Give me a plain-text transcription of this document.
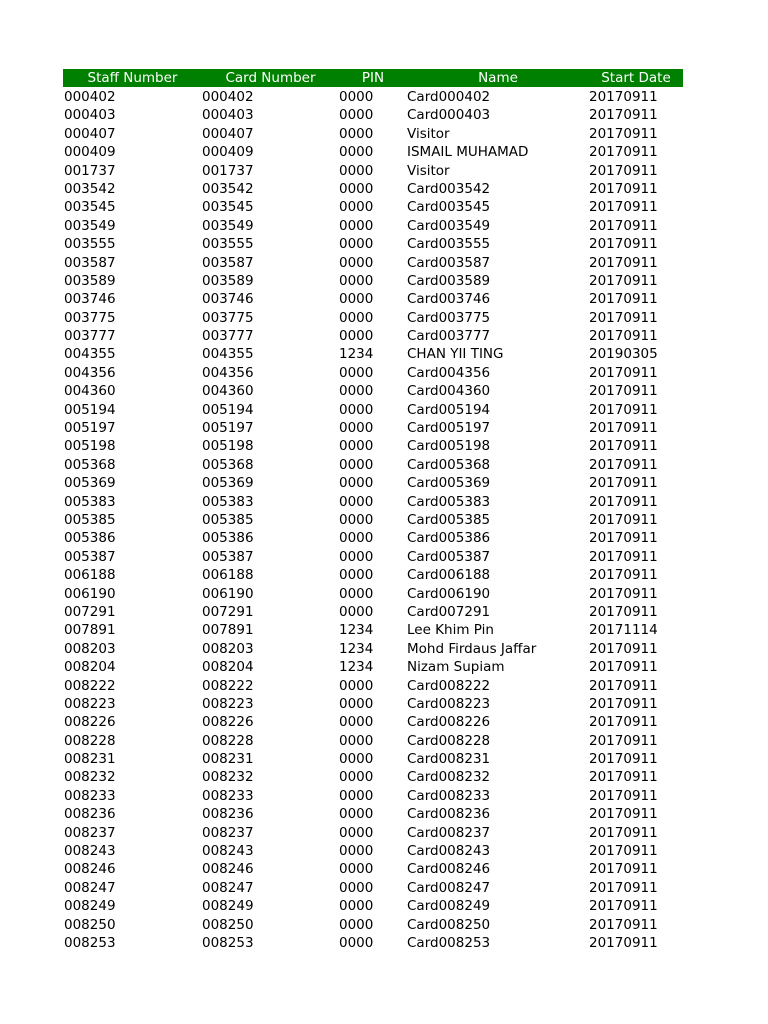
Staff Number	Card Number	PIN	Name	Start Date
000402	000402	0000	Card000402	20170911
000403	000403	0000	Card000403	20170911
000407	000407	0000	Visitor	20170911
000409	000409	0000	ISMAIL MUHAMAD	20170911
001737	001737	0000	Visitor	20170911
003542	003542	0000	Card003542	20170911
003545	003545	0000	Card003545	20170911
003549	003549	0000	Card003549	20170911
003555	003555	0000	Card003555	20170911
003587	003587	0000	Card003587	20170911
003589	003589	0000	Card003589	20170911
003746	003746	0000	Card003746	20170911
003775	003775	0000	Card003775	20170911
003777	003777	0000	Card003777	20170911
004355	004355	1234	CHAN YII TING	20190305
004356	004356	0000	Card004356	20170911
004360	004360	0000	Card004360	20170911
005194	005194	0000	Card005194	20170911
005197	005197	0000	Card005197	20170911
005198	005198	0000	Card005198	20170911
005368	005368	0000	Card005368	20170911
005369	005369	0000	Card005369	20170911
005383	005383	0000	Card005383	20170911
005385	005385	0000	Card005385	20170911
005386	005386	0000	Card005386	20170911
005387	005387	0000	Card005387	20170911
006188	006188	0000	Card006188	20170911
006190	006190	0000	Card006190	20170911
007291	007291	0000	Card007291	20170911
007891	007891	1234	Lee Khim Pin	20171114
008203	008203	1234	Mohd Firdaus Jaffar	20170911
008204	008204	1234	Nizam Supiam	20170911
008222	008222	0000	Card008222	20170911
008223	008223	0000	Card008223	20170911
008226	008226	0000	Card008226	20170911
008228	008228	0000	Card008228	20170911
008231	008231	0000	Card008231	20170911
008232	008232	0000	Card008232	20170911
008233	008233	0000	Card008233	20170911
008236	008236	0000	Card008236	20170911
008237	008237	0000	Card008237	20170911
008243	008243	0000	Card008243	20170911
008246	008246	0000	Card008246	20170911
008247	008247	0000	Card008247	20170911
008249	008249	0000	Card008249	20170911
008250	008250	0000	Card008250	20170911
008253	008253	0000	Card008253	20170911
